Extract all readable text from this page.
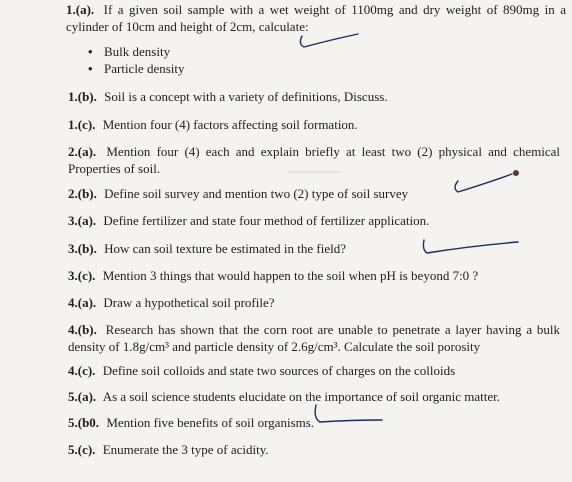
1.(a). If a given soil sample with a wet weight of 1100mg and dry weight of 890mg in a cylinder of 10cm and height of 2cm, calculate:
• Bulk density
• Particle density
1.(b). Soil is a concept with a variety of definitions, Discuss.
1.(c). Mention four (4) factors affecting soil formation.
2.(a). Mention four (4) each and explain briefly at least two (2) physical and chemical Properties of soil.
2.(b). Define soil survey and mention two (2) type of soil survey
3.(a). Define fertilizer and state four method of fertilizer application.
3.(b). How can soil texture be estimated in the field?
3.(c). Mention 3 things that would happen to the soil when pH is beyond 7:0 ?
4.(a). Draw a hypothetical soil profile?
4.(b). Research has shown that the corn root are unable to penetrate a layer having a bulk density of 1.8g/cm³ and particle density of 2.6g/cm³. Calculate the soil porosity
4.(c). Define soil colloids and state two sources of charges on the colloids
5.(a). As a soil science students elucidate on the importance of soil organic matter.
5.(b0. Mention five benefits of soil organisms.
5.(c). Enumerate the 3 type of acidity.
